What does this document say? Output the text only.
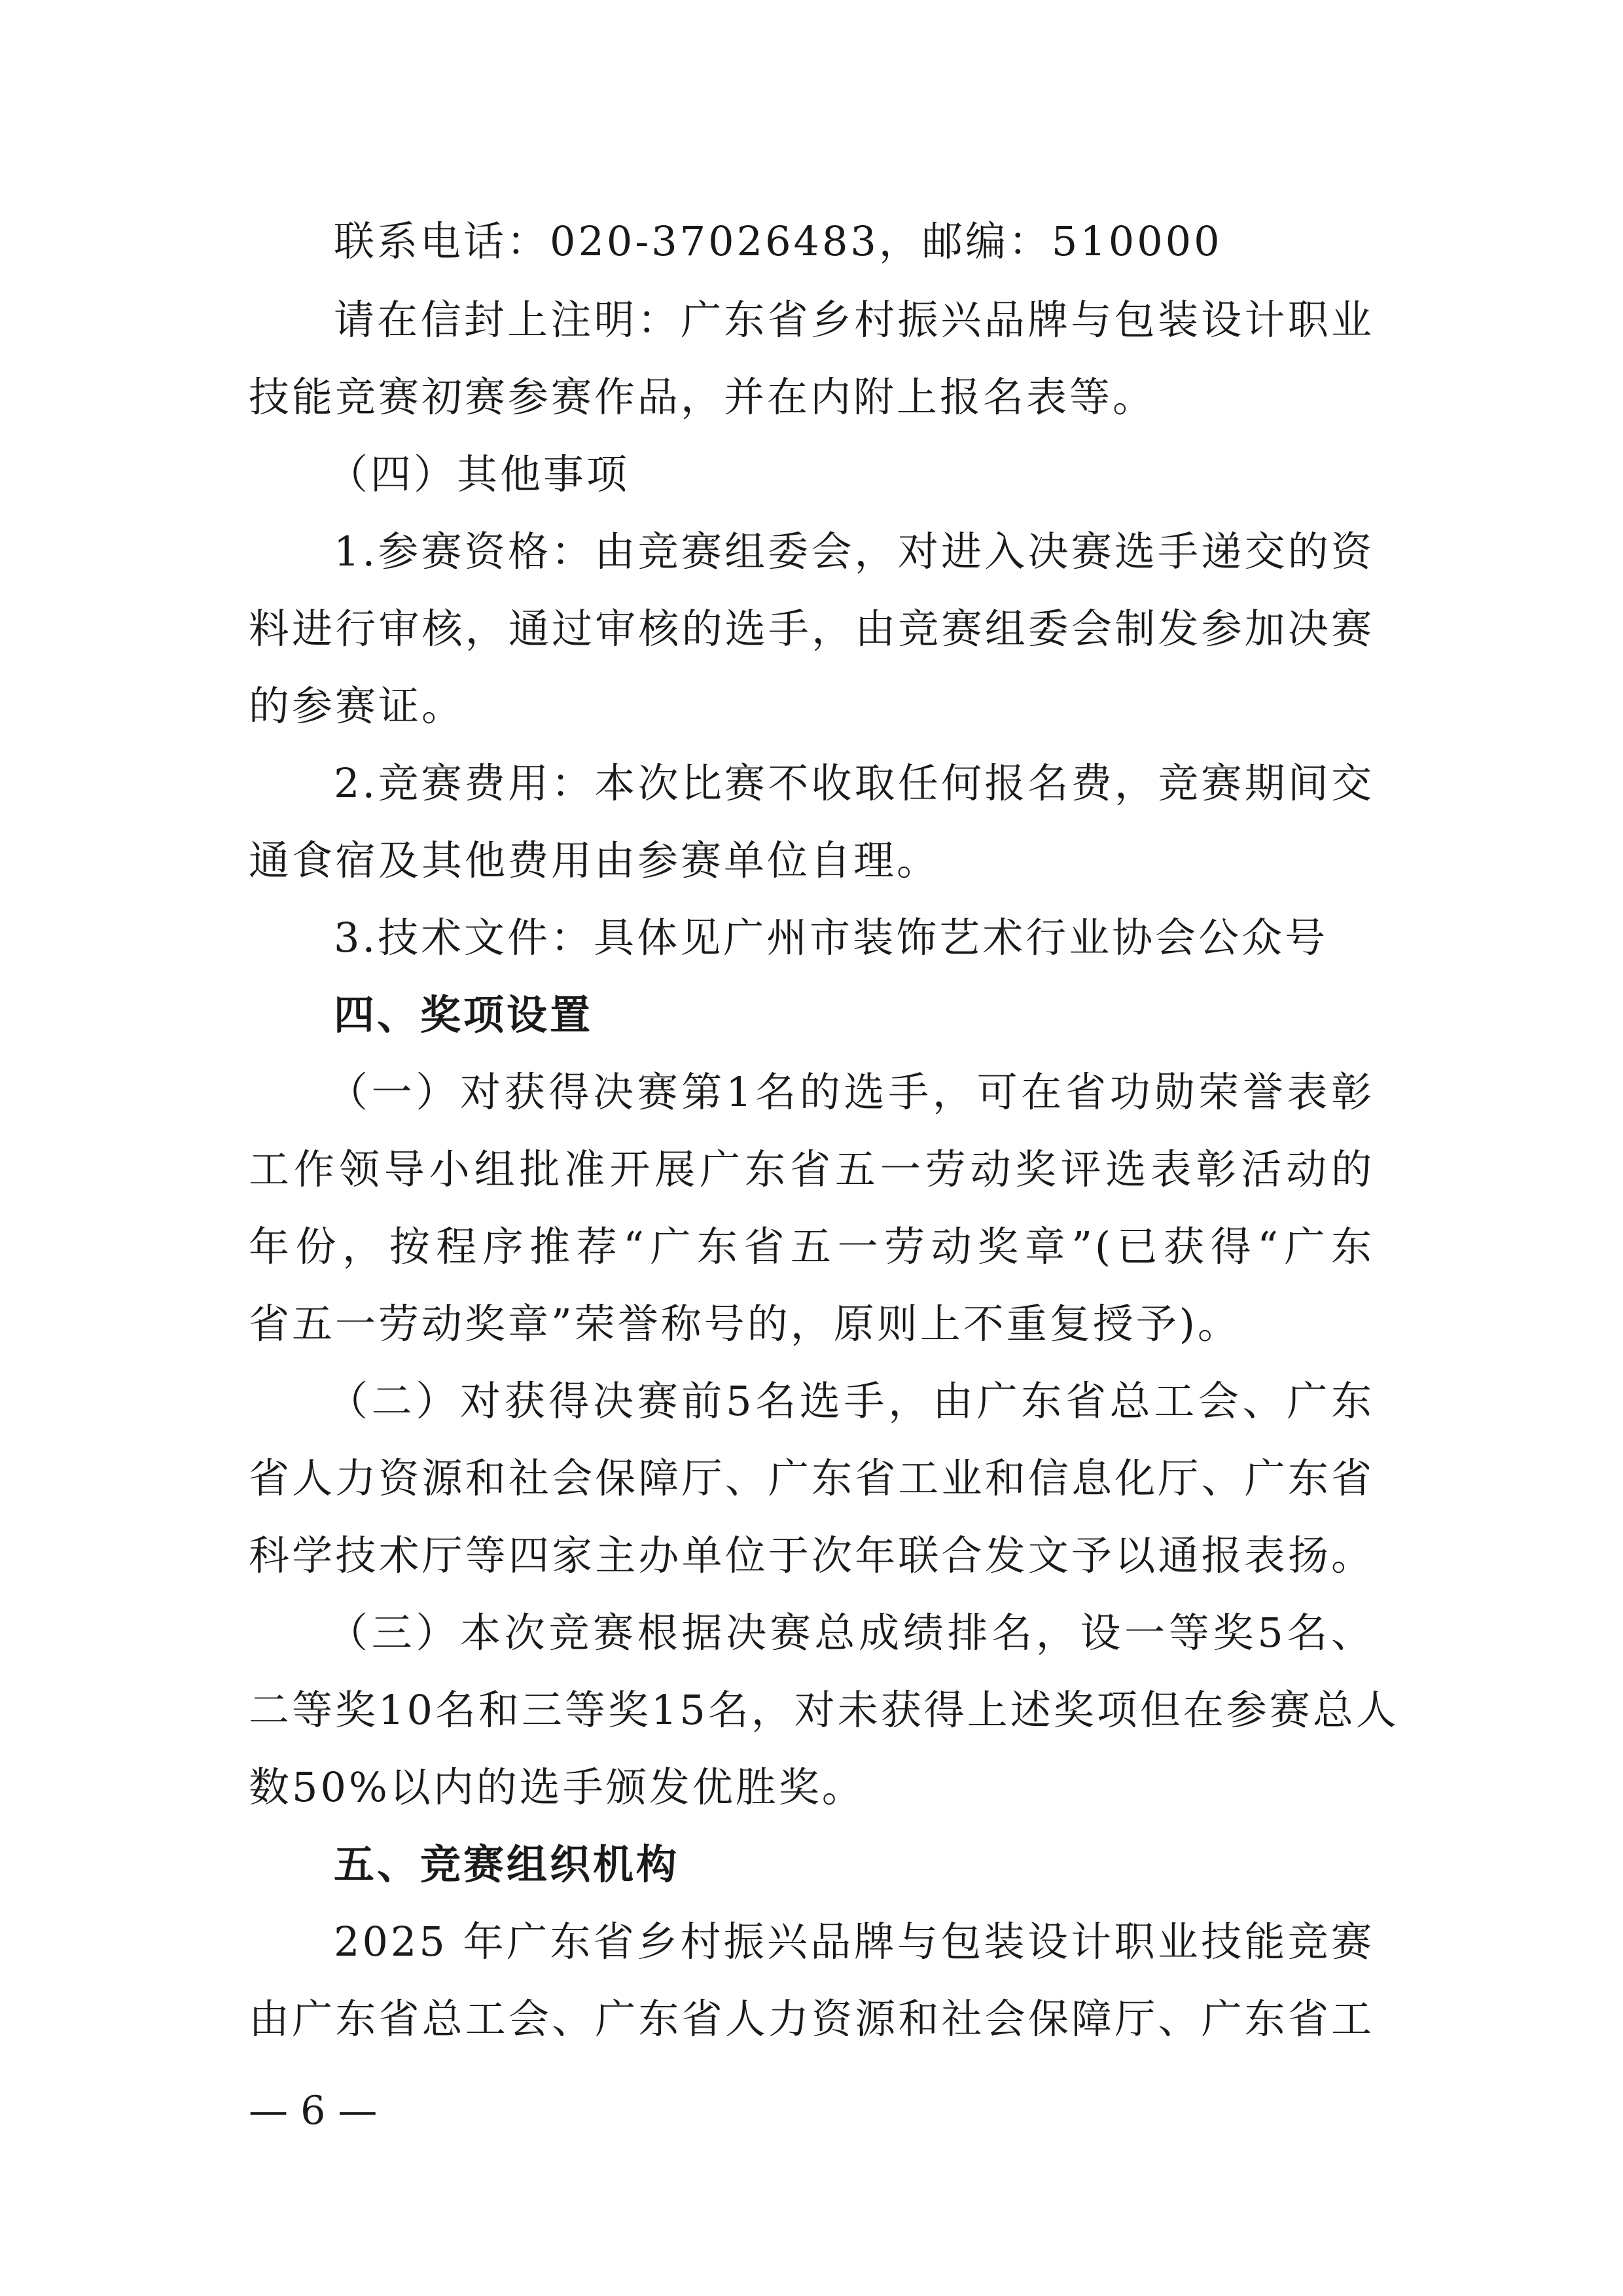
联系电话：020-37026483，邮编：510000
请在信封上注明：广东省乡村振兴品牌与包装设计职业
技能竞赛初赛参赛作品，并在内附上报名表等。
（四）其他事项
1.参赛资格：由竞赛组委会，对进入决赛选手递交的资
料进行审核，通过审核的选手，由竞赛组委会制发参加决赛
的参赛证。
2.竞赛费用：本次比赛不收取任何报名费，竞赛期间交
通食宿及其他费用由参赛单位自理。
3.技术文件：具体见广州市装饰艺术行业协会公众号
四、奖项设置
（一）对获得决赛第1名的选手，可在省功勋荣誉表彰
工作领导小组批准开展广东省五一劳动奖评选表彰活动的
年份，按程序推荐“广东省五一劳动奖章”(已获得“广东
省五一劳动奖章”荣誉称号的，原则上不重复授予)。
（二）对获得决赛前5名选手，由广东省总工会、广东
省人力资源和社会保障厅、广东省工业和信息化厅、广东省
科学技术厅等四家主办单位于次年联合发文予以通报表扬。
（三）本次竞赛根据决赛总成绩排名，设一等奖5名、
二等奖10名和三等奖15名，对未获得上述奖项但在参赛总人
数50%以内的选手颁发优胜奖。
五、竞赛组织机构
2025 年广东省乡村振兴品牌与包装设计职业技能竞赛
由广东省总工会、广东省人力资源和社会保障厅、广东省工
— 6 —
